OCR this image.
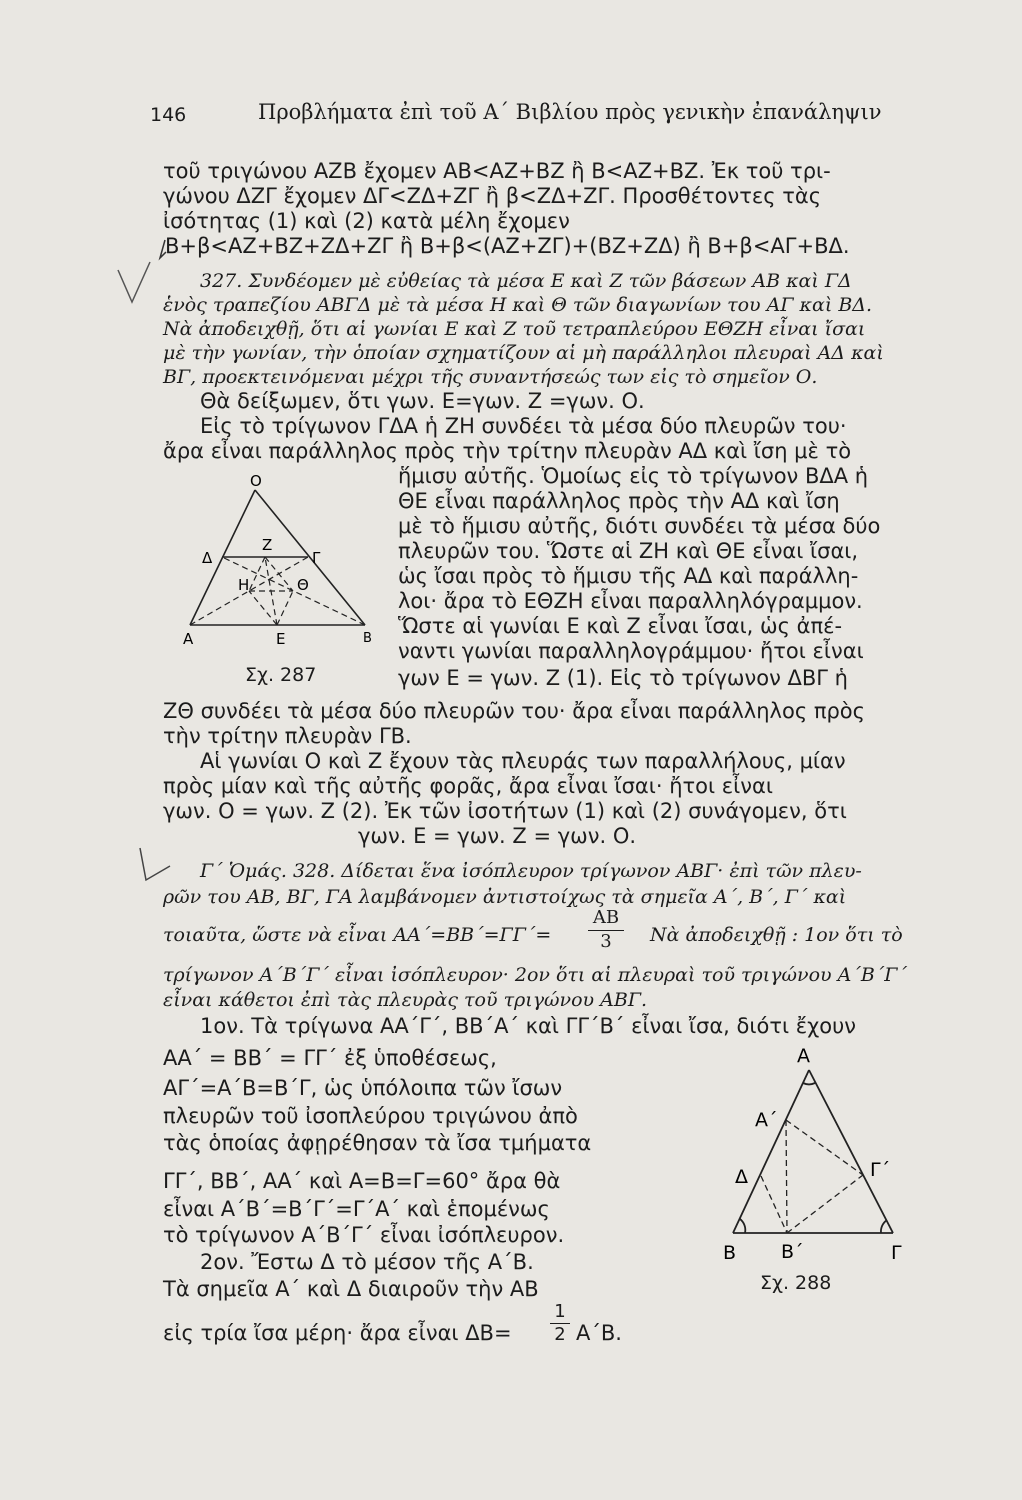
146	Προβλήματα ἐπὶ τοῦ Α΄ Βιβλίου πρὸς γενικὴν ἐπανάληψιν
τοῦ τριγώνου ΑΖΒ ἔχομεν ΑΒ<ΑΖ+ΒΖ ἢ Β<ΑΖ+ΒΖ. Ἐκ τοῦ τρι-
γώνου ΔΖΓ ἔχομεν ΔΓ<ΖΔ+ΖΓ ἢ β<ΖΔ+ΖΓ. Προσθέτοντες τὰς
ἰσότητας (1) καὶ (2) κατὰ μέλη ἔχομεν
Β+β<ΑΖ+ΒΖ+ΖΔ+ΖΓ ἢ Β+β<(ΑΖ+ΖΓ)+(ΒΖ+ΖΔ) ἢ Β+β<ΑΓ+ΒΔ.
327. Συνδέομεν μὲ εὐθείας τὰ μέσα Ε καὶ Ζ τῶν βάσεων ΑΒ καὶ ΓΔ
ἑνὸς τραπεζίου ΑΒΓΔ μὲ τὰ μέσα Η καὶ Θ τῶν διαγωνίων του ΑΓ καὶ ΒΔ.
Νὰ ἀποδειχθῇ, ὅτι αἱ γωνίαι Ε καὶ Ζ τοῦ τετραπλεύρου ΕΘΖΗ εἶναι ἴσαι
μὲ τὴν γωνίαν, τὴν ὁποίαν σχηματίζουν αἱ μὴ παράλληλοι πλευραὶ ΑΔ καὶ
ΒΓ, προεκτεινόμεναι μέχρι τῆς συναντήσεώς των εἰς τὸ σημεῖον Ο.
Θὰ δείξωμεν, ὅτι γων. Ε=γων. Ζ =γων. Ο.
Εἰς τὸ τρίγωνον ΓΔΑ ἡ ΖΗ συνδέει τὰ μέσα δύο πλευρῶν του·
ἄρα εἶναι παράλληλος πρὸς τὴν τρίτην πλευρὰν ΑΔ καὶ ἴση μὲ τὸ
ἥμισυ αὐτῆς. Ὁμοίως εἰς τὸ τρίγωνον ΒΔΑ ἡ
ΘΕ εἶναι παράλληλος πρὸς τὴν ΑΔ καὶ ἴση
μὲ τὸ ἥμισυ αὐτῆς, διότι συνδέει τὰ μέσα δύο
πλευρῶν του. Ὥστε αἱ ΖΗ καὶ ΘΕ εἶναι ἴσαι,
ὡς ἴσαι πρὸς τὸ ἥμισυ τῆς ΑΔ καὶ παράλλη-
λοι· ἄρα τὸ ΕΘΖΗ εἶναι παραλληλόγραμμον.
Ὥστε αἱ γωνίαι Ε καὶ Ζ εἶναι ἴσαι, ὡς ἀπέ-
ναντι γωνίαι παραλληλογράμμου· ἤτοι εἶναι
γων Ε = γων. Ζ (1). Εἰς τὸ τρίγωνον ΔΒΓ ἡ
ΖΘ συνδέει τὰ μέσα δύο πλευρῶν του· ἄρα εἶναι παράλληλος πρὸς
τὴν τρίτην πλευρὰν ΓΒ.
Αἱ γωνίαι Ο καὶ Ζ ἔχουν τὰς πλευράς των παραλλήλους, μίαν
πρὸς μίαν καὶ τῆς αὐτῆς φορᾶς, ἄρα εἶναι ἴσαι· ἤτοι εἶναι
γων. Ο = γων. Ζ (2). Ἐκ τῶν ἰσοτήτων (1) καὶ (2) συνάγομεν, ὅτι
γων. Ε = γων. Ζ = γων. Ο.
Γ΄ Ὁμάς. 328. Δίδεται ἕνα ἰσόπλευρον τρίγωνον ΑΒΓ· ἐπὶ τῶν πλευ-
ρῶν του ΑΒ, ΒΓ, ΓΑ λαμβάνομεν ἀντιστοίχως τὰ σημεῖα Α΄, Β΄, Γ΄ καὶ
τοιαῦτα, ὥστε νὰ εἶναι ΑΑ΄=ΒΒ΄=ΓΓ΄=
ΑΒ
3	Νὰ ἀποδειχθῇ : 1ον ὅτι τὸ
τρίγωνον Α΄Β΄Γ΄ εἶναι ἰσόπλευρον· 2ον ὅτι αἱ πλευραὶ τοῦ τριγώνου Α΄Β΄Γ΄
εἶναι κάθετοι ἐπὶ τὰς πλευρὰς τοῦ τριγώνου ΑΒΓ.
1ον. Τὰ τρίγωνα ΑΑ΄Γ΄, ΒΒ΄Α΄ καὶ ΓΓ΄Β΄ εἶναι ἴσα, διότι ἔχουν
ΑΑ΄ = ΒΒ΄ = ΓΓ΄ ἐξ ὑποθέσεως,
ΑΓ΄=Α΄Β=Β΄Γ, ὡς ὑπόλοιπα τῶν ἴσων
πλευρῶν τοῦ ἰσοπλεύρου τριγώνου ἀπὸ
τὰς ὁποίας ἀφῃρέθησαν τὰ ἴσα τμήματα
ΓΓ΄, ΒΒ΄, ΑΑ΄ καὶ Α=Β=Γ=60° ἄρα θὰ
εἶναι Α΄Β΄=Β΄Γ΄=Γ΄Α΄ καὶ ἑπομένως
τὸ τρίγωνον Α΄Β΄Γ΄ εἶναι ἰσόπλευρον.
2ον. Ἔστω Δ τὸ μέσον τῆς Α΄Β.
Τὰ σημεῖα Α΄ καὶ Δ διαιροῦν τὴν ΑΒ
εἰς τρία ἴσα μέρη· ἄρα εἶναι ΔΒ=
1
2 Α΄Β.
Ο
Δ
Ζ
Γ
Η	Θ
Α	Ε	Β
Σχ. 287
Α
Α΄
Δ	Γ΄
Β Β΄	Γ
Σχ. 288
